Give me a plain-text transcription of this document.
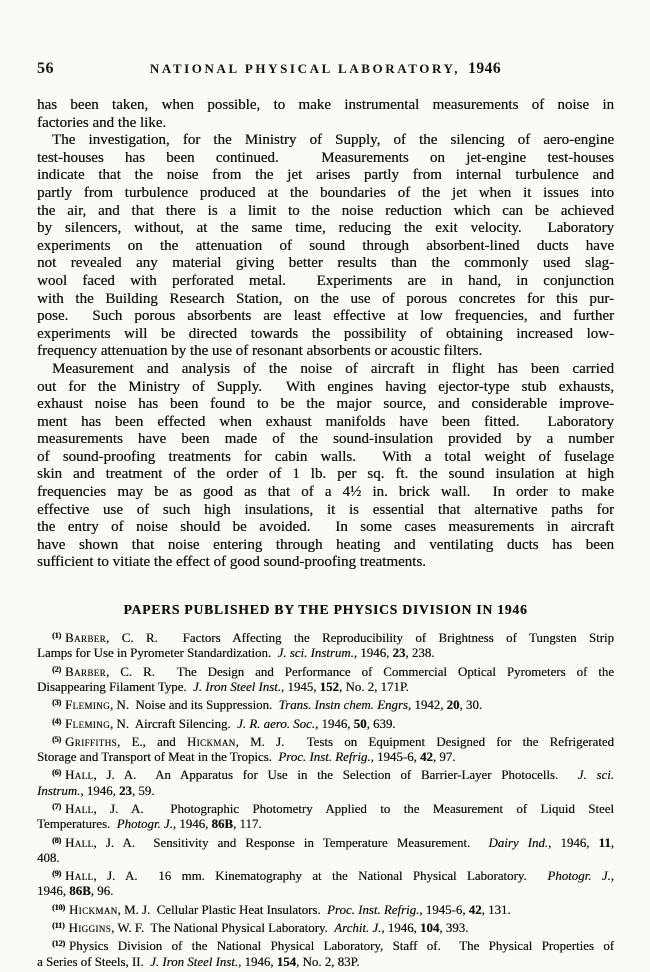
56	NATIONAL PHYSICAL LABORATORY, 1946
has been taken, when possible, to make instrumental measurements of noise in
factories and the like.
The investigation, for the Ministry of Supply, of the silencing of aero-engine
test-houses has been continued.  Measurements on jet-engine test-houses
indicate that the noise from the jet arises partly from internal turbulence and
partly from turbulence produced at the boundaries of the jet when it issues into
the air, and that there is a limit to the noise reduction which can be achieved
by silencers, without, at the same time, reducing the exit velocity.  Laboratory
experiments on the attenuation of sound through absorbent-lined ducts have
not revealed any material giving better results than the commonly used slag-
wool faced with perforated metal.  Experiments are in hand, in conjunction
with the Building Research Station, on the use of porous concretes for this pur-
pose.  Such porous absorbents are least effective at low frequencies, and further
experiments will be directed towards the possibility of obtaining increased low-
frequency attenuation by the use of resonant absorbents or acoustic filters.
Measurement and analysis of the noise of aircraft in flight has been carried
out for the Ministry of Supply.  With engines having ejector-type stub exhausts,
exhaust noise has been found to be the major source, and considerable improve-
ment has been effected when exhaust manifolds have been fitted.  Laboratory
measurements have been made of the sound-insulation provided by a number
of sound-proofing treatments for cabin walls.  With a total weight of fuselage
skin and treatment of the order of 1 lb. per sq. ft. the sound insulation at high
frequencies may be as good as that of a 4½ in. brick wall.  In order to make
effective use of such high insulations, it is essential that alternative paths for
the entry of noise should be avoided.  In some cases measurements in aircraft
have shown that noise entering through heating and ventilating ducts has been
sufficient to vitiate the effect of good sound-proofing treatments.
PAPERS PUBLISHED BY THE PHYSICS DIVISION IN 1946
$^{(1)}$ Barber, C. R.  Factors Affecting the Reproducibility of Brightness of Tungsten Strip
Lamps for Use in Pyrometer Standardization.  J. sci. Instrum., 1946, 23, 238.
$^{(2)}$ Barber, C. R.  The Design and Performance of Commercial Optical Pyrometers of the
Disappearing Filament Type.  J. Iron Steel Inst., 1945, 152, No. 2, 171P.
$^{(3)}$ Fleming, N.  Noise and its Suppression.  Trans. Instn chem. Engrs, 1942, 20, 30.
$^{(4)}$ Fleming, N.  Aircraft Silencing.  J. R. aero. Soc., 1946, 50, 639.
$^{(5)}$ Griffiths, E., and Hickman, M. J.  Tests on Equipment Designed for the Refrigerated
Storage and Transport of Meat in the Tropics.  Proc. Inst. Refrig., 1945-6, 42, 97.
$^{(6)}$ Hall, J. A.  An Apparatus for Use in the Selection of Barrier-Layer Photocells.  J. sci.
Instrum., 1946, 23, 59.
$^{(7)}$ Hall, J. A.  Photographic Photometry Applied to the Measurement of Liquid Steel
Temperatures.  Photogr. J., 1946, 86B, 117.
$^{(8)}$ Hall, J. A.  Sensitivity and Response in Temperature Measurement.  Dairy Ind., 1946, 11,
408.
$^{(9)}$ Hall, J. A.  16 mm. Kinematography at the National Physical Laboratory.  Photogr. J.,
1946, 86B, 96.
$^{(10)}$ Hickman, M. J.  Cellular Plastic Heat Insulators.  Proc. Inst. Refrig., 1945-6, 42, 131.
$^{(11)}$ Higgins, W. F.  The National Physical Laboratory.  Archit. J., 1946, 104, 393.
$^{(12)}$ Physics Division of the National Physical Laboratory, Staff of.  The Physical Properties of
a Series of Steels, II.  J. Iron Steel Inst., 1946, 154, No. 2, 83P.
